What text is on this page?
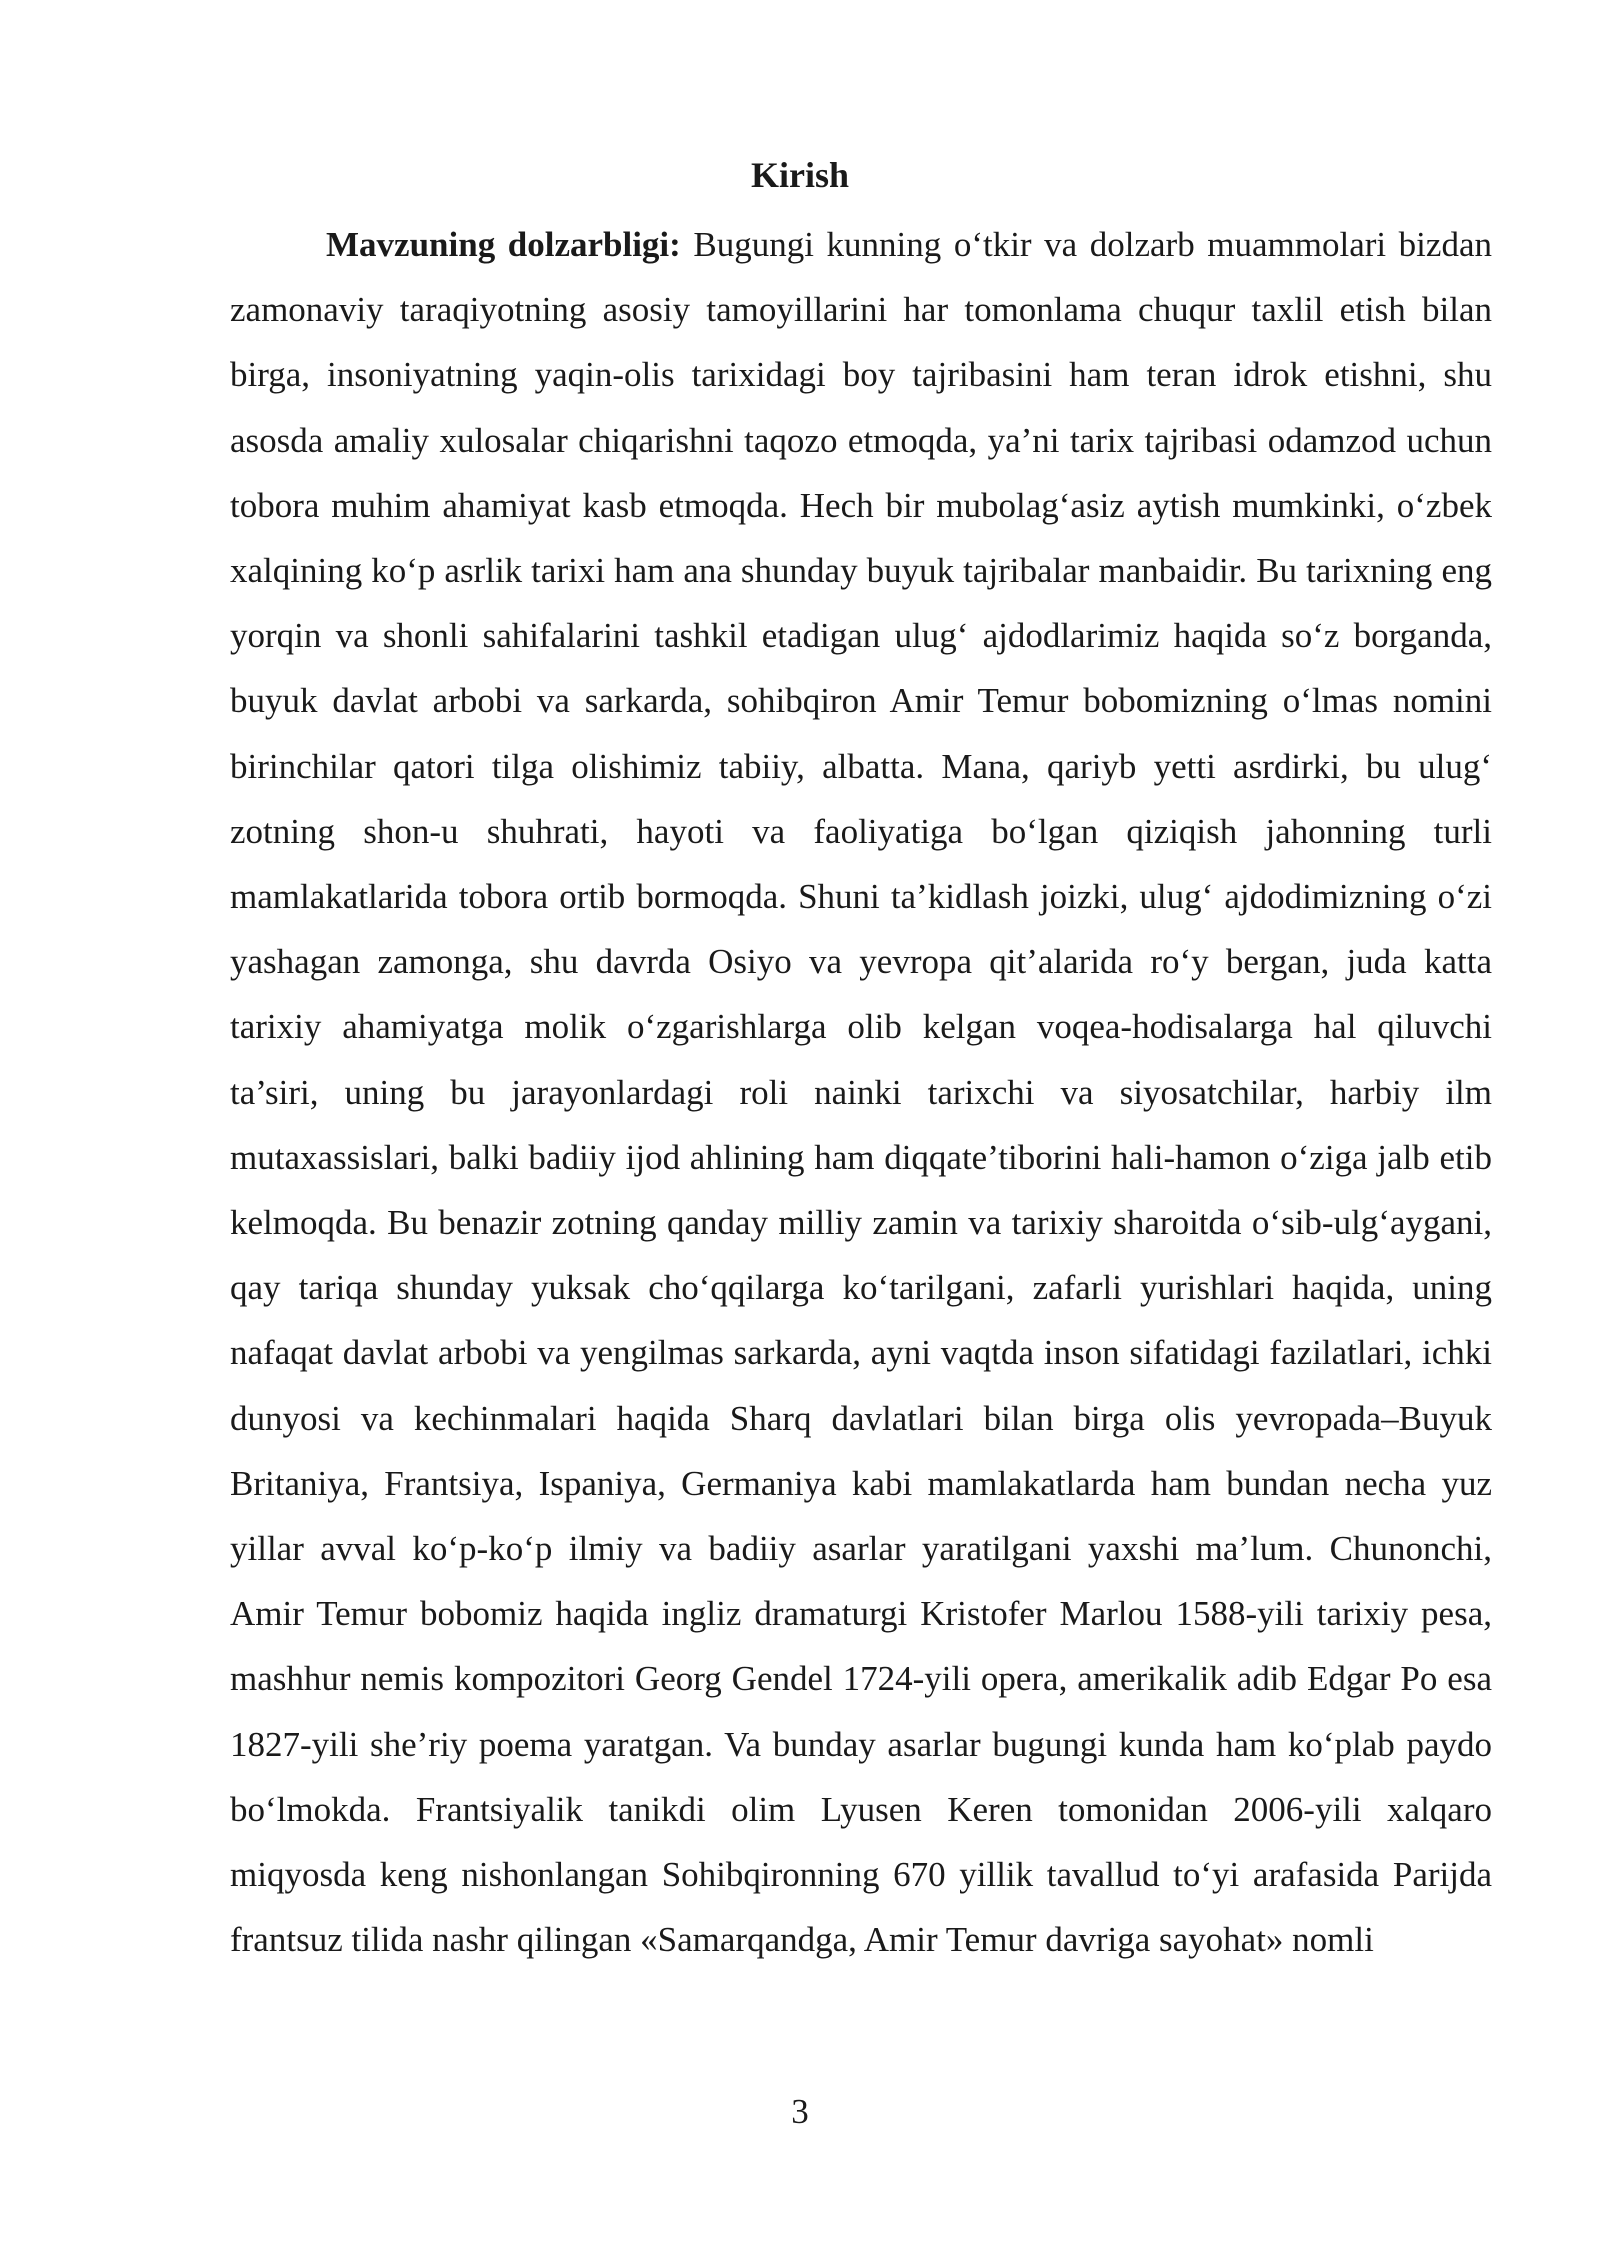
Kirish

Mavzuning dolzarbligi: Bugungi kunning o‘tkir va dolzarb muammolari bizdan zamonaviy taraqiyotning asosiy tamoyillarini har tomonlama chuqur taxlil etish bilan birga, insoniyatning yaqin-olis tarixidagi boy tajribasini ham teran idrok etishni, shu asosda amaliy xulosalar chiqarishni taqozo etmoqda, ya’ni tarix tajribasi odamzod uchun tobora muhim ahamiyat kasb etmoqda. Hech bir mubolag‘asiz aytish mumkinki, o‘zbek xalqining ko‘p asrlik tarixi ham ana shunday buyuk tajribalar manbaidir. Bu tarixning eng yorqin va shonli sahifalarini tashkil etadigan ulug‘ ajdodlarimiz haqida so‘z borganda, buyuk davlat arbobi va sarkarda, sohibqiron Amir Temur bobomizning o‘lmas nomini birinchilar qatori tilga olishimiz tabiiy, albatta. Mana, qariyb yetti asrdirki, bu ulug‘ zotning shon-u shuhrati, hayoti va faoliyatiga bo‘lgan qiziqish jahonning turli mamlakatlarida tobora ortib bormoqda. Shuni ta’kidlash joizki, ulug‘ ajdodimizning o‘zi yashagan zamonga, shu davrda Osiyo va yevropa qit’alarida ro‘y bergan, juda katta tarixiy ahamiyatga molik o‘zgarishlarga olib kelgan voqea-hodisalarga hal qiluvchi ta’siri, uning bu jarayonlardagi roli nainki tarixchi va siyosatchilar, harbiy ilm mutaxassislari, balki badiiy ijod ahlining ham diqqate’tiborini hali-hamon o‘ziga jalb etib kelmoqda. Bu benazir zotning qanday milliy zamin va tarixiy sharoitda o‘sib-ulg‘aygani, qay tariqa shunday yuksak cho‘qqilarga ko‘tarilgani, zafarli yurishlari haqida, uning nafaqat davlat arbobi va yengilmas sarkarda, ayni vaqtda inson sifatidagi fazilatlari, ichki dunyosi va kechinmalari haqida Sharq davlatlari bilan birga olis yevropada–Buyuk Britaniya, Frantsiya, Ispaniya, Germaniya kabi mamlakatlarda ham bundan necha yuz yillar avval ko‘p-ko‘p ilmiy va badiiy asarlar yaratilgani yaxshi ma’lum. Chunonchi, Amir Temur bobomiz haqida ingliz dramaturgi Kristofer Marlou 1588-yili tarixiy pesa, mashhur nemis kompozitori Georg Gendel 1724-yili opera, amerikalik adib Edgar Po esa 1827-yili she’riy poema yaratgan. Va bunday asarlar bugungi kunda ham ko‘plab paydo bo‘lmokda. Frantsiyalik tanikdi olim Lyusen Keren tomonidan 2006-yili xalqaro miqyosda keng nishonlangan Sohibqironning 670 yillik tavallud to‘yi arafasida Parijda frantsuz tilida nashr qilingan «Samarqandga, Amir Temur davriga sayohat» nomli

3
